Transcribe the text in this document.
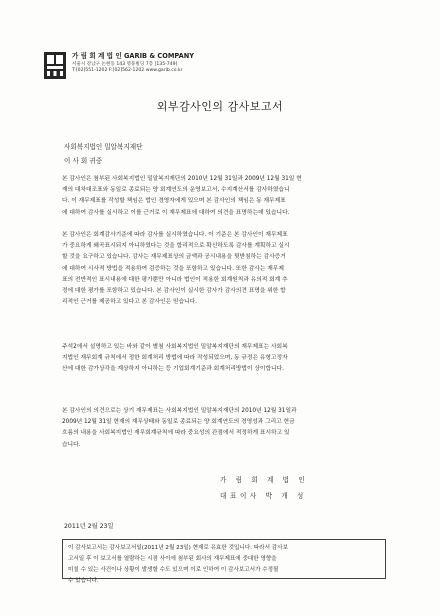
가 림 회 계 법 인 GARIB & COMPANY
서울시 강남구 논현동 143 영풍빌딩 7층 [135-749]
T:[02]551-1202 F:[02]562-1202 www.garib.co.kr
외부감사인의 감사보고서
사회복지법인 밀알복지재단
이 사 회 귀중
본 감사인은 첨부된 사회복지법인 밀알복지재단의 2010년 12월 31일과 2009년 12월 31일 현
재의 대차대조표와 동일로 종료되는 양 회계연도의 운영보고서, 수지계산서를 감사하였습니
다. 이 재무제표를 작성할 책임은 법인 경영자에게 있으며 본 감사인의 책임은 동 재무제표
에 대하여 감사를 실시하고 이를 근거로 이 재무제표에 대하여 의견을 표명하는데 있습니다.
본 감사인은 회계감사기준에 따라 감사를 실시하였습니다. 이 기준은 본 감사인이 재무제표
가 중요하게 왜곡표시되지 아니하였다는 것을 합리적으로 확신하도록 감사를 계획하고 실시
할 것을 요구하고 있습니다. 감사는 재무제표상의 금액과 공시내용을 뒷받침하는 감사증거
에 대하여 시사적 방법을 적용하여 검증하는 것을 포함하고 있습니다. 또한 감사는 재무제
표의 전반적인 표시내용에 대한 평가뿐만 아니라 법인이 적용한 회계원칙과 유의적 회계 추
정에 대한 평가를 포함하고 있습니다. 본 감사인이 실시한 감사가 감사의견 표명을 위한 합
리적인 근거를 제공하고 있다고 본 감사인은 믿습니다.
주석2에서 설명하고 있는 바와 같이 별첨 사회복지법인 밀알복지재단의 재무제표는 사회복
지법인 재무회계 규칙에서 정한 회계처리 방법에 따라 작성되었으며, 동 규정은 유형고정자
산에 대한 감가상각을 계상하지 아니하는 등 기업회계기준과 회계처리방법이 상이합니다.
본 감사인의 의견으로는 상기 재무제표는 사회복지법인 밀알복지재단의 2010년 12월 31일과
2009년 12월 31일 현재의 재무상태와 동일로 종료되는 양 회계연도의 경영성과 그리고 현금
흐름의 내용을 사회복지법인 재무회계규칙에 따라 중요성의 관점에서 적정하게 표시하고 있
습니다.
가 림 회 계 법 인
대표이사 박 개 성
2011년 2월 23일
이 감사보고서는 감사보고서일(2011년 2월 23일) 현재로 유효한 것입니다. 따라서 감사보
고서일 후 이 보고서를 열람하는 시점 사이에 첨부된 회사의 재무제표에 중대한 영향을
미칠 수 있는 사건이나 상황이 발생할 수도 있으며 이로 인하여 이 감사보고서가 수정될
수 있습니다.
